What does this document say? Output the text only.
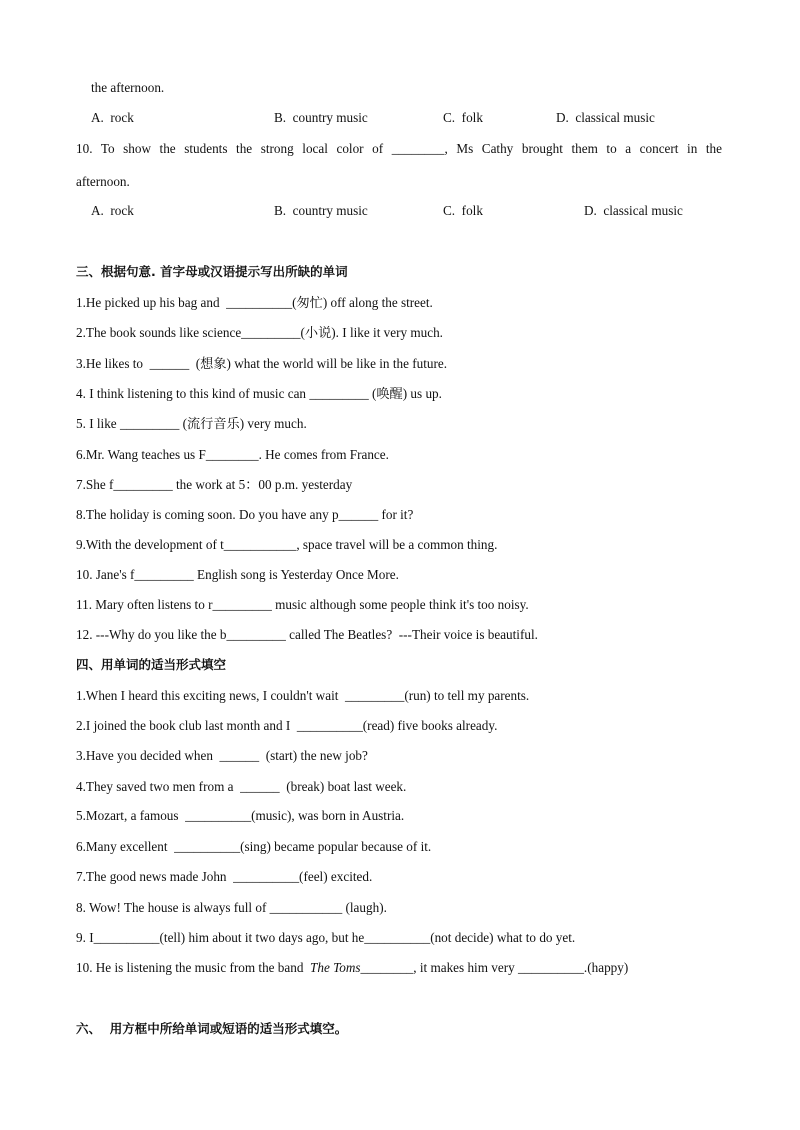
the afternoon.
A.  rock	B.  country music	C.  folk	D.  classical music
10. To show the students the strong local color of ________, Ms Cathy brought them to a concert in the
afternoon.
A.  rock	B.  country music	C.  folk	D.  classical music
三、根据句意. 首字母或汉语提示写出所缺的单词
1.He picked up his bag and  __________(匆忙) off along the street.
2.The book sounds like science_________(小说). I like it very much.
3.He likes to  ______  (想象) what the world will be like in the future.
4. I think listening to this kind of music can _________ (唤醒) us up.
5. I like _________ (流行音乐) very much.
6.Mr. Wang teaches us F________. He comes from France.
7.She f_________ the work at 5：00 p.m. yesterday
8.The holiday is coming soon. Do you have any p______ for it?
9.With the development of t___________, space travel will be a common thing.
10. Jane's f_________ English song is Yesterday Once More.
11. Mary often listens to r_________ music although some people think it's too noisy.
12. ---Why do you like the b_________ called The Beatles?  ---Their voice is beautiful.
四、用单词的适当形式填空
1.When I heard this exciting news, I couldn't wait  _________(run) to tell my parents.
2.I joined the book club last month and I  __________(read) five books already.
3.Have you decided when  ______  (start) the new job?
4.They saved two men from a  ______  (break) boat last week.
5.Mozart, a famous  __________(music), was born in Austria.
6.Many excellent  __________(sing) became popular because of it.
7.The good news made John  __________(feel) excited.
8. Wow! The house is always full of ___________ (laugh).
9. I__________(tell) him about it two days ago, but he__________(not decide) what to do yet.
10. He is listening the music from the band  The Toms________, it makes him very __________.(happy)
六、  用方框中所给单词或短语的适当形式填空。
